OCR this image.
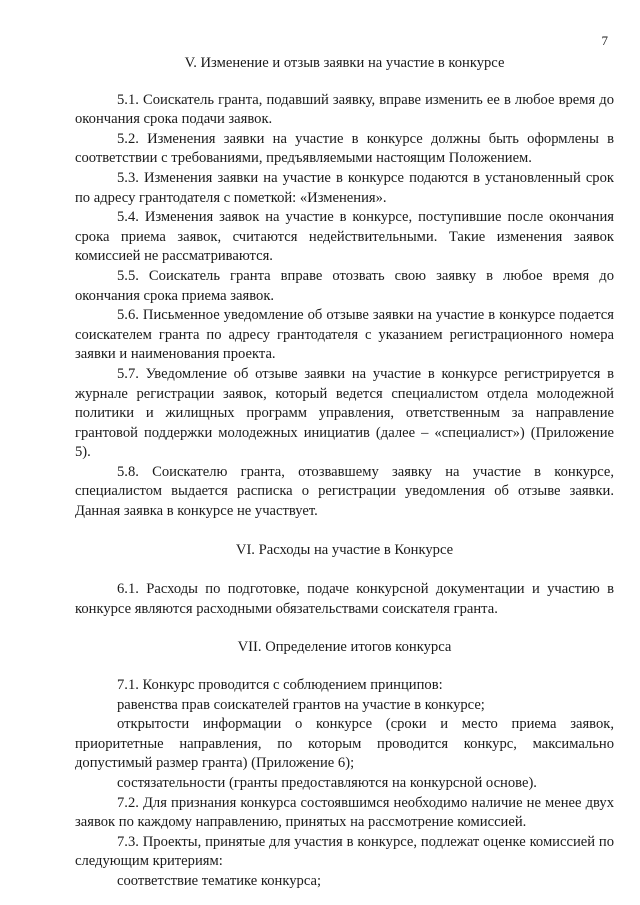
7

V. Изменение и отзыв заявки на участие в конкурсе

5.1. Соискатель гранта, подавший заявку, вправе изменить ее в любое время до окончания срока подачи заявок.

5.2. Изменения заявки на участие в конкурсе должны быть оформлены в соответствии с требованиями, предъявляемыми настоящим Положением.

5.3. Изменения заявки на участие в конкурсе подаются в установленный срок по адресу грантодателя с пометкой: «Изменения».

5.4. Изменения заявок на участие в конкурсе, поступившие после окончания срока приема заявок, считаются недействительными. Такие изменения заявок комиссией не рассматриваются.

5.5. Соискатель гранта вправе отозвать свою заявку в любое время до окончания срока приема заявок.

5.6. Письменное уведомление об отзыве заявки на участие в конкурсе подается соискателем гранта по адресу грантодателя с указанием регистрационного номера заявки и наименования проекта.

5.7. Уведомление об отзыве заявки на участие в конкурсе регистрируется в журнале регистрации заявок, который ведется специалистом отдела молодежной политики и жилищных программ управления, ответственным за направление грантовой поддержки молодежных инициатив (далее – «специалист») (Приложение 5).

5.8. Соискателю гранта, отозвавшему заявку на участие в конкурсе, специалистом выдается расписка о регистрации уведомления об отзыве заявки. Данная заявка в конкурсе не участвует.

VI. Расходы на участие в Конкурсе

6.1. Расходы по подготовке, подаче конкурсной документации и участию в конкурсе являются расходными обязательствами соискателя гранта.

VII. Определение итогов конкурса

7.1. Конкурс проводится с соблюдением принципов:

равенства прав соискателей грантов на участие в конкурсе;

открытости информации о конкурсе (сроки и место приема заявок, приоритетные направления, по которым проводится конкурс, максимально допустимый размер гранта) (Приложение 6);

состязательности (гранты предоставляются на конкурсной основе).

7.2. Для признания конкурса состоявшимся необходимо наличие не менее двух заявок по каждому направлению, принятых на рассмотрение комиссией.

7.3. Проекты, принятые для участия в конкурсе, подлежат оценке комиссией по следующим критериям:

соответствие тематике конкурса;
